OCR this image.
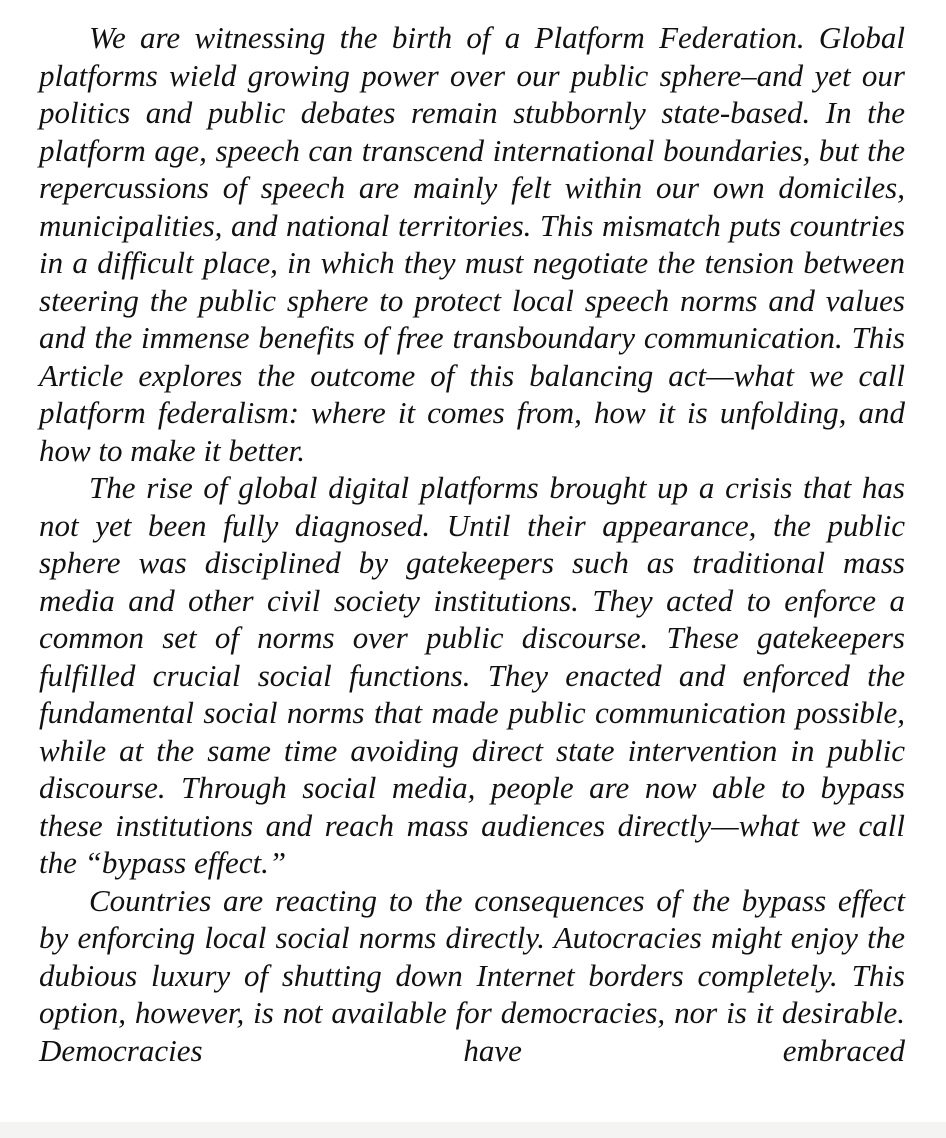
We are witnessing the birth of a Platform Federation. Global platforms wield growing power over our public sphere–and yet our politics and public debates remain stubbornly state-based. In the platform age, speech can transcend international boundaries, but the repercussions of speech are mainly felt within our own domiciles, municipalities, and national territories. This mismatch puts countries in a difficult place, in which they must negotiate the tension between steering the public sphere to protect local speech norms and values and the immense benefits of free transboundary communication. This Article explores the outcome of this balancing act—what we call platform federalism: where it comes from, how it is unfolding, and how to make it better.

The rise of global digital platforms brought up a crisis that has not yet been fully diagnosed. Until their appearance, the public sphere was disciplined by gatekeepers such as traditional mass media and other civil society institutions. They acted to enforce a common set of norms over public discourse. These gatekeepers fulfilled crucial social functions. They enacted and enforced the fundamental social norms that made public communication possible, while at the same time avoiding direct state intervention in public discourse. Through social media, people are now able to bypass these institutions and reach mass audiences directly—what we call the “bypass effect.”

Countries are reacting to the consequences of the bypass effect by enforcing local social norms directly. Autocracies might enjoy the dubious luxury of shutting down Internet borders completely. This option, however, is not available for democracies, nor is it desirable. Democracies have embraced
